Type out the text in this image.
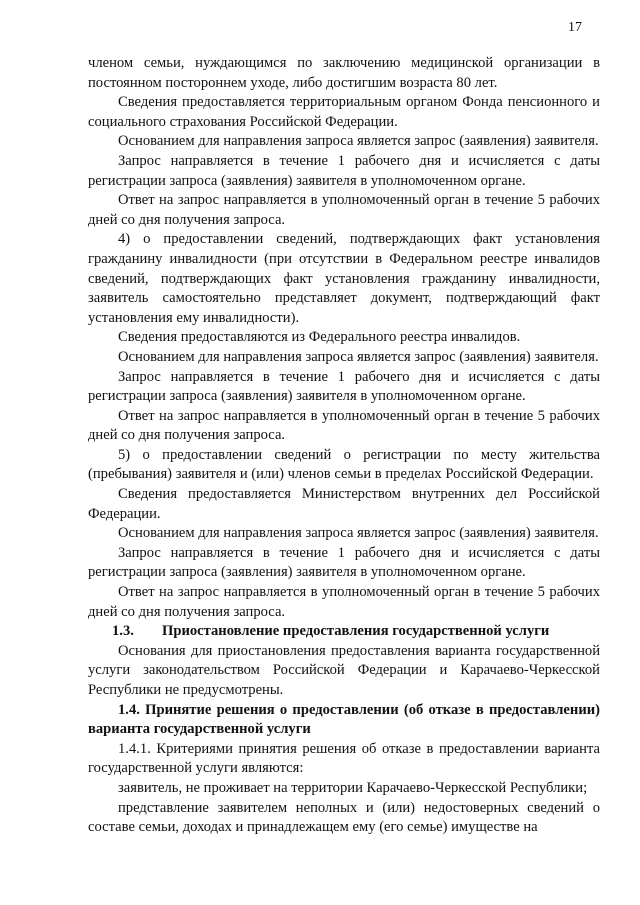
17

членом семьи, нуждающимся по заключению медицинской организации в постоянном постороннем уходе, либо достигшим возраста 80 лет.

Сведения предоставляется территориальным органом Фонда пенсионного и социального страхования Российской Федерации.

Основанием для направления запроса является запрос (заявления) заявителя.

Запрос направляется в течение 1 рабочего дня и исчисляется с даты регистрации запроса (заявления) заявителя в уполномоченном органе.

Ответ на запрос направляется в уполномоченный орган в течение 5 рабочих дней со дня получения запроса.

4) о предоставлении сведений, подтверждающих факт установления гражданину инвалидности (при отсутствии в Федеральном реестре инвалидов сведений, подтверждающих факт установления гражданину инвалидности, заявитель самостоятельно представляет документ, подтверждающий факт установления ему инвалидности).

Сведения предоставляются из Федерального реестра инвалидов.

Основанием для направления запроса является запрос (заявления) заявителя.

Запрос направляется в течение 1 рабочего дня и исчисляется с даты регистрации запроса (заявления) заявителя в уполномоченном органе.

Ответ на запрос направляется в уполномоченный орган в течение 5 рабочих дней со дня получения запроса.

5) о предоставлении сведений о регистрации по месту жительства (пребывания) заявителя и (или) членов семьи в пределах Российской Федерации.

Сведения предоставляется Министерством внутренних дел Российской Федерации.

Основанием для направления запроса является запрос (заявления) заявителя.

Запрос направляется в течение 1 рабочего дня и исчисляется с даты регистрации запроса (заявления) заявителя в уполномоченном органе.

Ответ на запрос направляется в уполномоченный орган в течение 5 рабочих дней со дня получения запроса.

1.3.	Приостановление предоставления государственной услуги

Основания для приостановления предоставления варианта государственной услуги законодательством Российской Федерации и Карачаево-Черкесской Республики не предусмотрены.

1.4. Принятие решения о предоставлении (об отказе в предоставлении) варианта государственной услуги

1.4.1. Критериями принятия решения об отказе в предоставлении варианта государственной услуги являются:

заявитель, не проживает на территории Карачаево-Черкесской Республики;

представление заявителем неполных и (или) недостоверных сведений о составе семьи, доходах и принадлежащем ему (его семье) имуществе на
